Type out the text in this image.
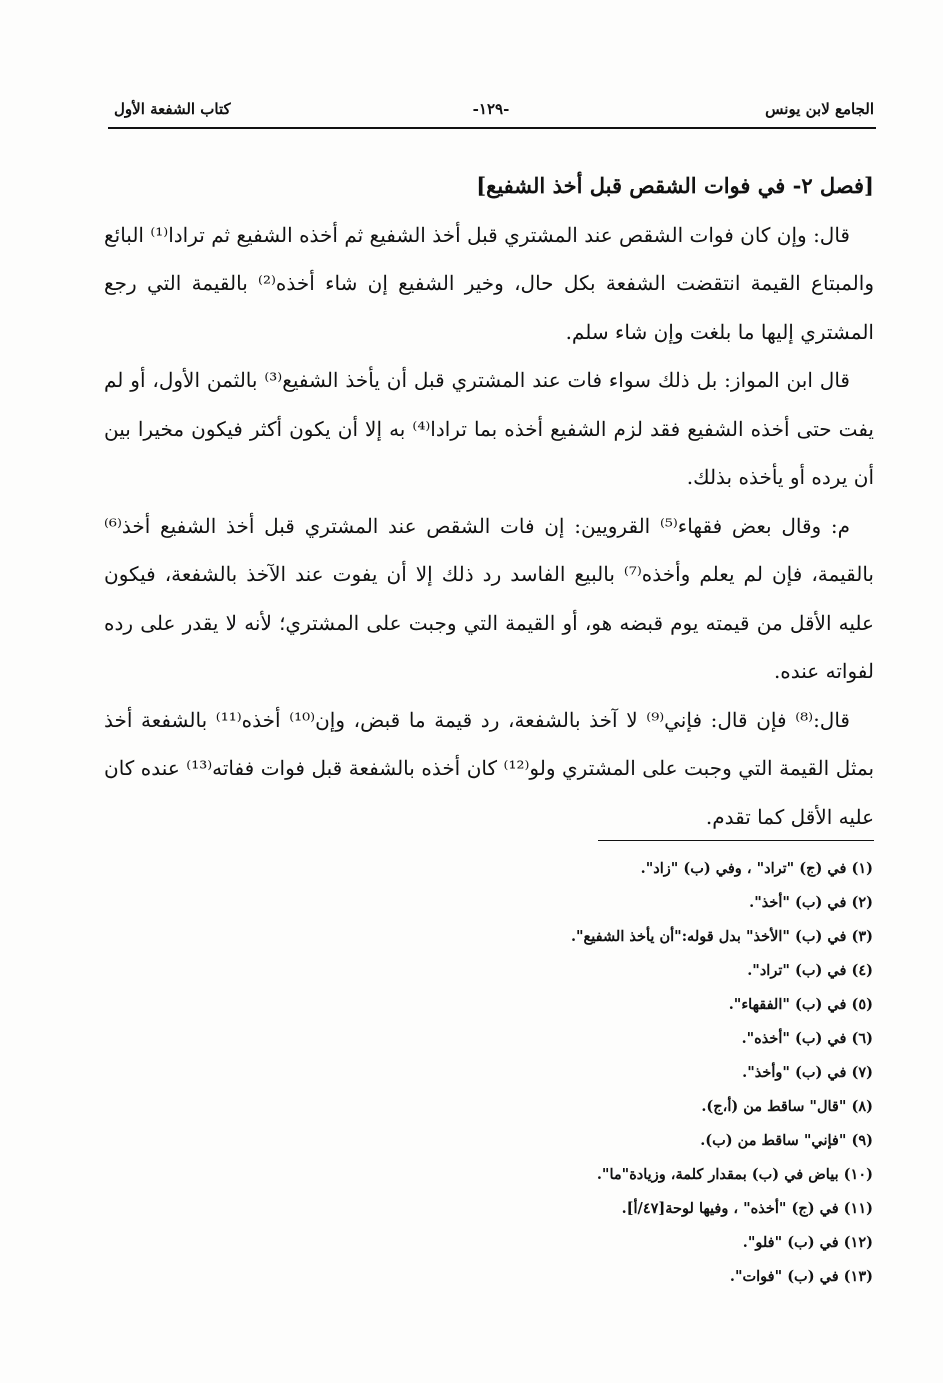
الجامع لابن يونس
-١٢٩-
كتاب الشفعة الأول
[فصل ٢- في فوات الشقص قبل أخذ الشفيع]

قال: وإن كان فوات الشقص عند المشتري قبل أخذ الشفيع ثم أخذه الشفيع ثم ترادا⁽¹⁾ البائع والمبتاع القيمة انتقضت الشفعة بكل حال، وخير الشفيع إن شاء أخذه⁽²⁾ بالقيمة التي رجع المشتري إليها ما بلغت وإن شاء سلم.

قال ابن المواز: بل ذلك سواء فات عند المشتري قبل أن يأخذ الشفيع⁽³⁾ بالثمن الأول، أو لم يفت حتى أخذه الشفيع فقد لزم الشفيع أخذه بما ترادا⁽⁴⁾ به إلا أن يكون أكثر فيكون مخيرا بين أن يرده أو يأخذه بذلك.

م: وقال بعض فقهاء⁽⁵⁾ القرويين: إن فات الشقص عند المشتري قبل أخذ الشفيع أخذ⁽⁶⁾ بالقيمة، فإن لم يعلم وأخذه⁽⁷⁾ بالبيع الفاسد رد ذلك إلا أن يفوت عند الآخذ بالشفعة، فيكون عليه الأقل من قيمته يوم قبضه هو، أو القيمة التي وجبت على المشتري؛ لأنه لا يقدر على رده لفواته عنده.

قال:⁽⁸⁾ فإن قال: فإني⁽⁹⁾ لا آخذ بالشفعة، رد قيمة ما قبض، وإن⁽¹⁰⁾ أخذه⁽¹¹⁾ بالشفعة أخذ بمثل القيمة التي وجبت على المشتري ولو⁽¹²⁾ كان أخذه بالشفعة قبل فوات ففاته⁽¹³⁾ عنده كان عليه الأقل كما تقدم.

(١) في (ج) "تراد" ، وفي (ب) "زاد".
(٢) في (ب) "أخذ".
(٣) في (ب) "الأخذ" بدل قوله:"أن يأخذ الشفيع".
(٤) في (ب) "تراد".
(٥) في (ب) "الفقهاء".
(٦) في (ب) "أخذه".
(٧) في (ب) "وأخذ".
(٨) "قال" ساقط من (أ،ج).
(٩) "فإني" ساقط من (ب).
(١٠) بياض في (ب) بمقدار كلمة، وزيادة"ما".
(١١) في (ج) "أخذه" ، وفيها لوحة[٤٧/أ].
(١٢) في (ب) "فلو".
(١٣) في (ب) "فوات".
